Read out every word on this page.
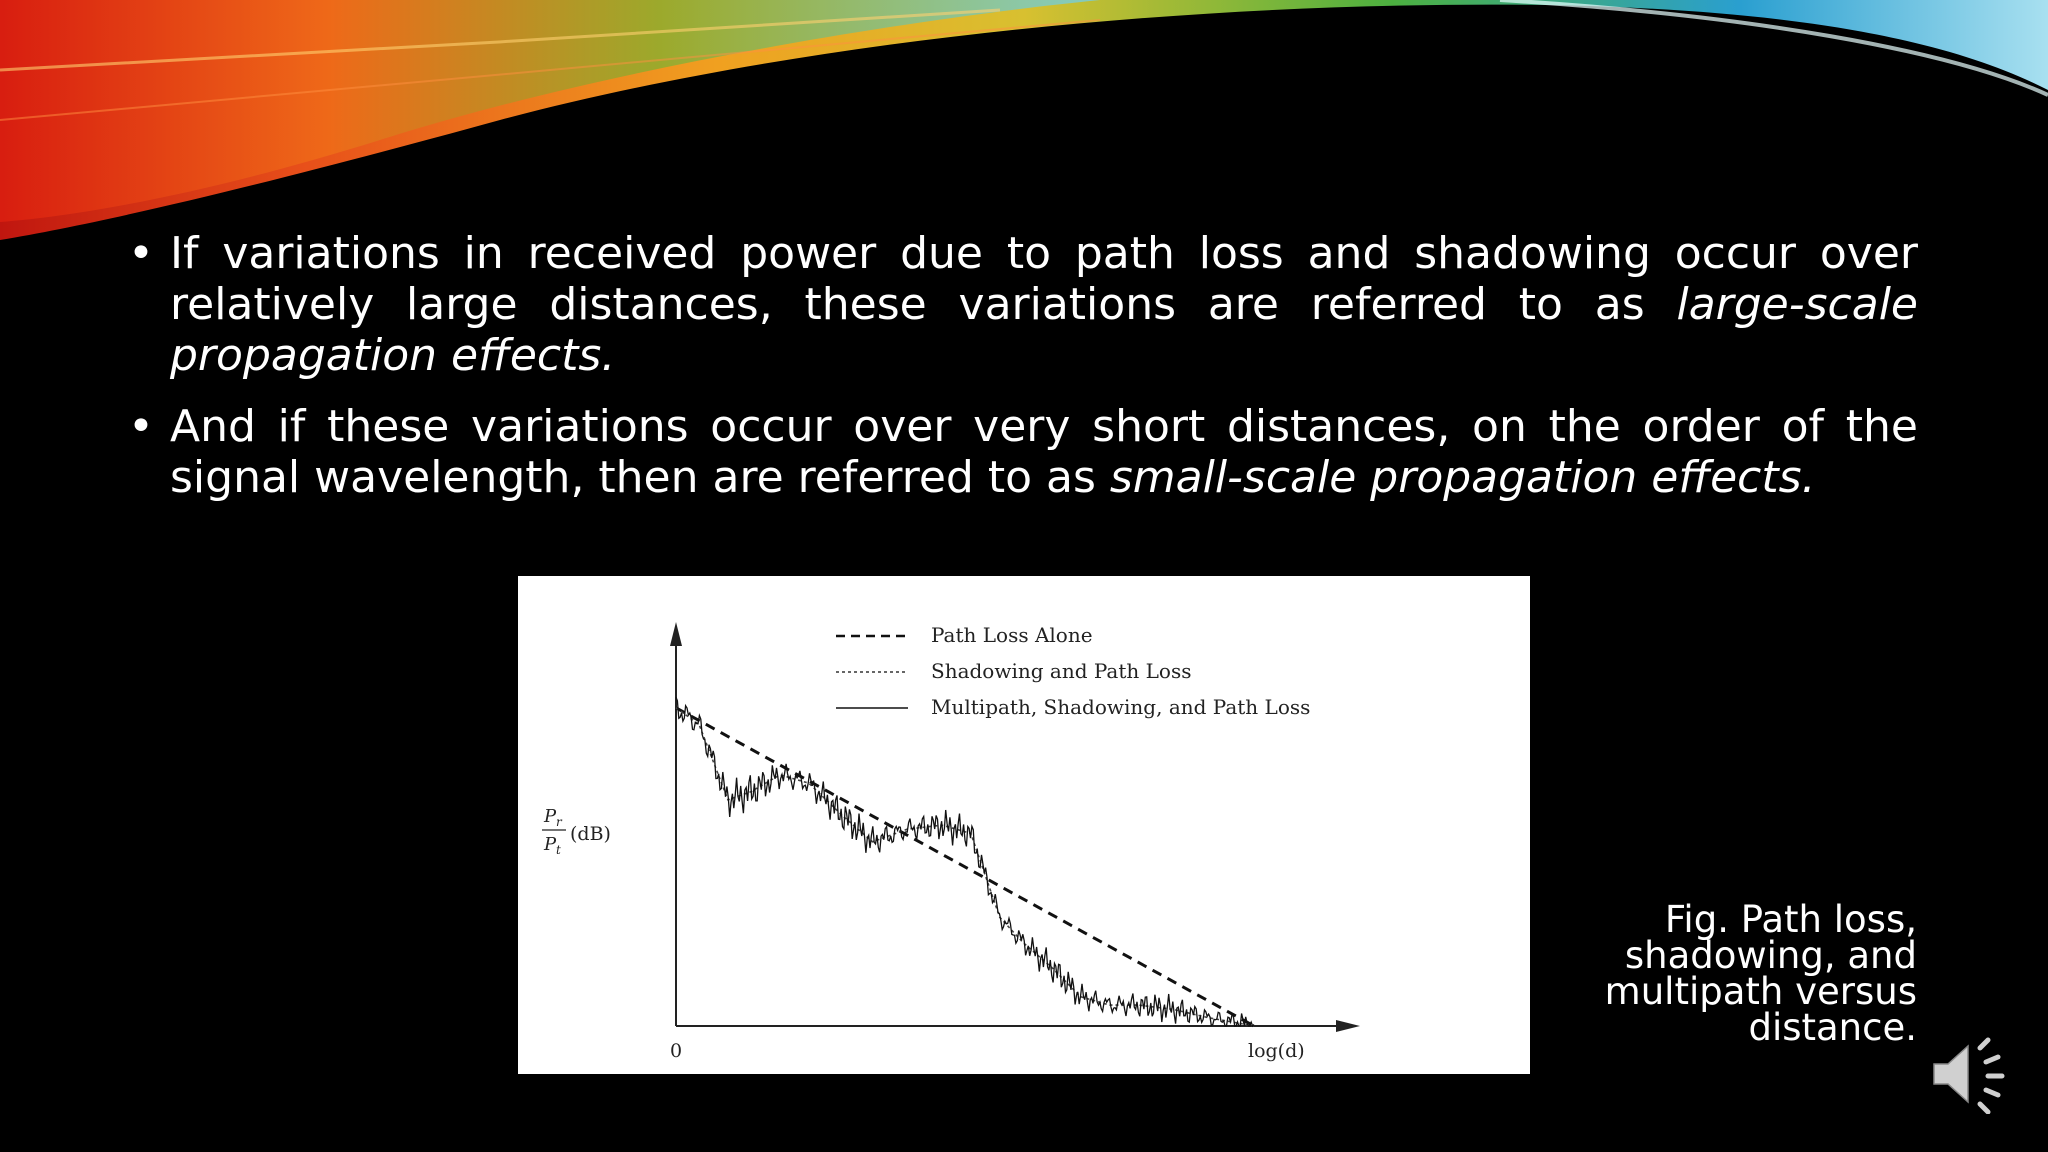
• If variations in received power due to path loss and shadowing occur over relatively large distances, these variations are referred to as large-scale propagation effects.
• And if these variations occur over very short distances, on the order of the signal wavelength, then are referred to as small-scale propagation effects.
Path Loss Alone
Shadowing and Path Loss
Multipath, Shadowing, and Path Loss
P r
P t
(dB)
0	log(d)
Fig. Path loss, shadowing, and multipath versus distance.
